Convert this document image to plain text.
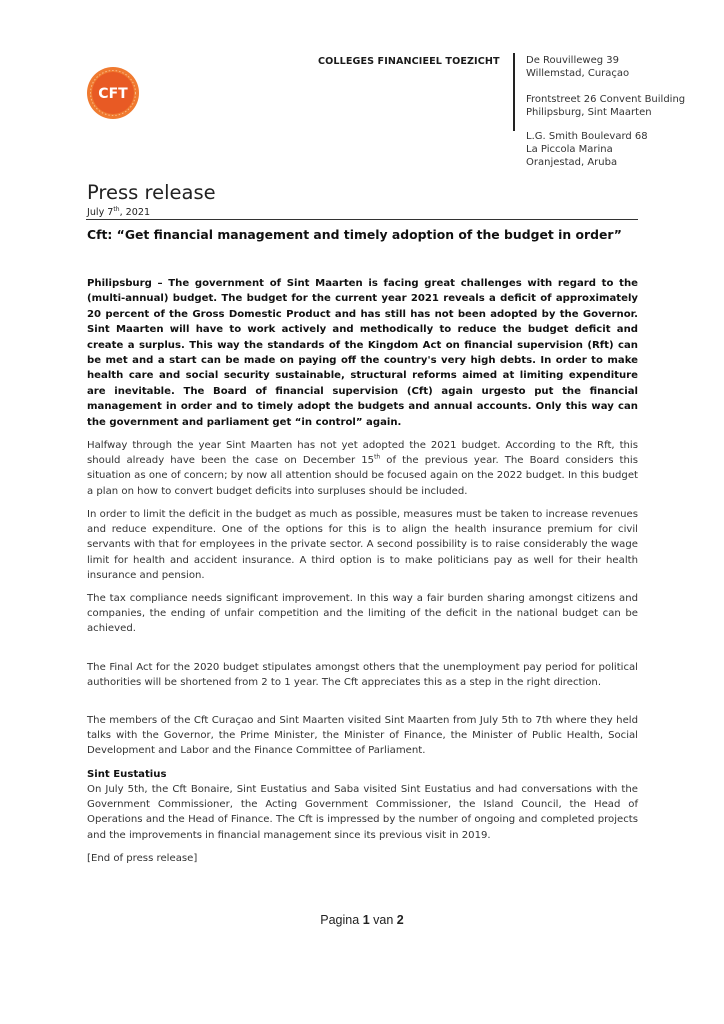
CFT
COLLEGES FINANCIEEL TOEZICHT	De Rouvilleweg 39
Willemstad, Curaçao
Frontstreet 26 Convent Building
Philipsburg, Sint Maarten
L.G. Smith Boulevard 68
La Piccola Marina
Oranjestad, Aruba
Press release
July 7th, 2021
Cft: “Get financial management and timely adoption of the budget in order”
Philipsburg – The government of Sint Maarten is facing great challenges with regard to the (multi-annual) budget. The budget for the current year 2021 reveals a deficit of approximately 20 percent of the Gross Domestic Product and has still has not been adopted by the Governor. Sint Maarten will have to work actively and methodically to reduce the budget deficit and create a surplus. This way the standards of the Kingdom Act on financial supervision (Rft) can be met and a start can be made on paying off the country's very high debts. In order to make health care and social security sustainable, structural reforms aimed at limiting expenditure are inevitable. The Board of financial supervision (Cft) again urgesto put the financial management in order and to timely adopt the budgets and annual accounts. Only this way can the government and parliament get “in control” again.
Halfway through the year Sint Maarten has not yet adopted the 2021 budget. According to the Rft, this should already have been the case on December 15th of the previous year. The Board considers this situation as one of concern; by now all attention should be focused again on the 2022 budget. In this budget a plan on how to convert budget deficits into surpluses should be included.
In order to limit the deficit in the budget as much as possible, measures must be taken to increase revenues and reduce expenditure. One of the options for this is to align the health insurance premium for civil servants with that for employees in the private sector. A second possibility is to raise considerably the wage limit for health and accident insurance. A third option is to make politicians pay as well for their health insurance and pension.
The tax compliance needs significant improvement. In this way a fair burden sharing amongst citizens and companies, the ending of unfair competition and the limiting of the deficit in the national budget can be achieved.
The Final Act for the 2020 budget stipulates amongst others that the unemployment pay period for political authorities will be shortened from 2 to 1 year. The Cft appreciates this as a step in the right direction.
The members of the Cft Curaçao and Sint Maarten visited Sint Maarten from July 5th to 7th where they held talks with the Governor, the Prime Minister, the Minister of Finance, the Minister of Public Health, Social Development and Labor and the Finance Committee of Parliament.
Sint Eustatius
On July 5th, the Cft Bonaire, Sint Eustatius and Saba visited Sint Eustatius and had conversations with the Government Commissioner, the Acting Government Commissioner, the Island Council, the Head of Operations and the Head of Finance. The Cft is impressed by the number of ongoing and completed projects and the improvements in financial management since its previous visit in 2019.
[End of press release]
Pagina 1 van 2
